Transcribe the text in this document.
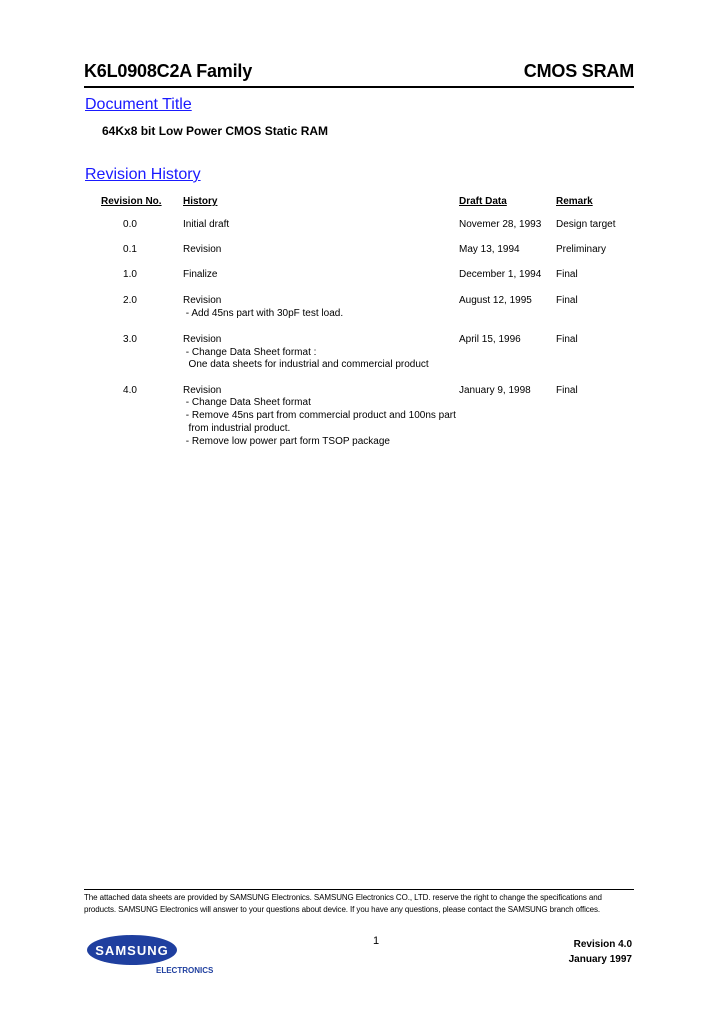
K6L0908C2A Family	CMOS SRAM
Document Title
64Kx8 bit Low Power CMOS Static RAM
Revision History
Revision No. History	Draft Data	Remark
0.0	Initial draft	Novemer 28, 1993 Design target
0.1	Revision	May 13, 1994	Preliminary
1.0	Finalize	December 1, 1994 Final
2.0	Revision
- Add 45ns part with 30pF test load.
August 12, 1995 Final
3.0	Revision
- Change Data Sheet format :
One data sheets for industrial and commercial product
April 15, 1996	Final
4.0	Revision
- Change Data Sheet format
- Remove 45ns part from commercial product and 100ns part
from industrial product.
- Remove low power part form TSOP package
January 9, 1998	Final
The attached data sheets are provided by SAMSUNG Electronics. SAMSUNG Electronics CO., LTD. reserve the right to change the specifications and
products. SAMSUNG Electronics will answer to your questions about device. If you have any questions, please contact the SAMSUNG branch offices.
SAMSUNG
ELECTRONICS
1	Revision 4.0
January 1997
